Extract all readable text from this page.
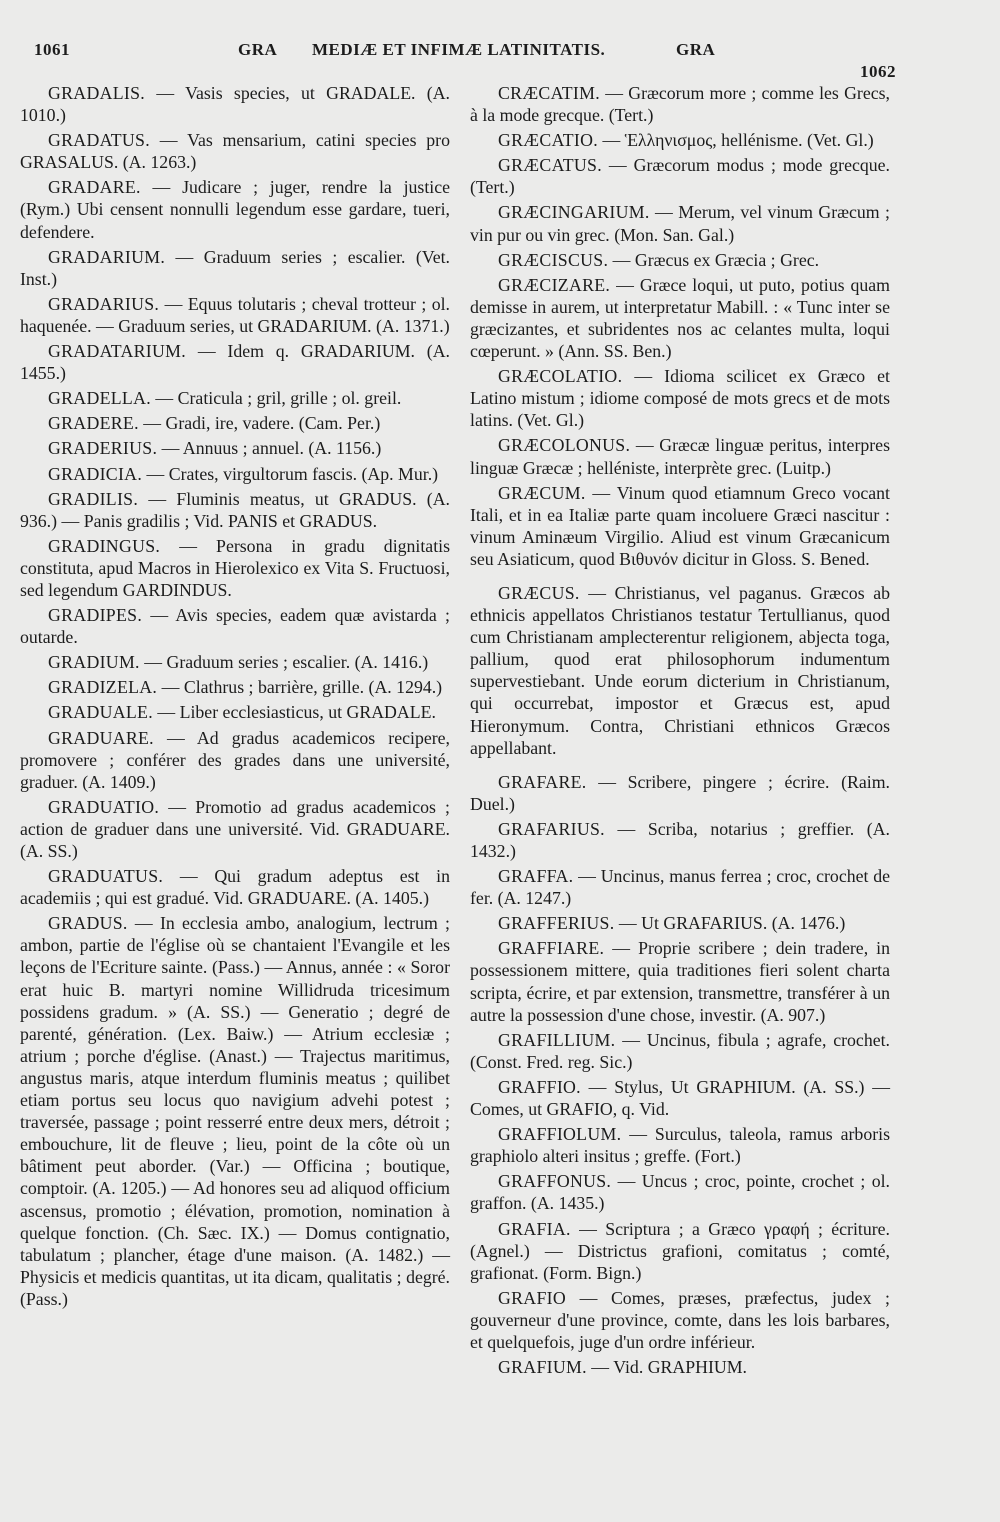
1061	GRA MEDIÆ ET INFIMÆ LATINITATIS.	GRA
1062

GRADALIS. — Vasis species, ut GRADALE. (A. 1010.)

GRADATUS. — Vas mensarium, catini species pro GRASALUS. (A. 1263.)

GRADARE. — Judicare ; juger, rendre la justice (Rym.) Ubi censent nonnulli legendum esse gardare, tueri, defendere.

GRADARIUM. — Graduum series ; escalier. (Vet. Inst.)

GRADARIUS. — Equus tolutaris ; cheval trotteur ; ol. haquenée. — Graduum series, ut GRADARIUM. (A. 1371.)

GRADATARIUM. — Idem q. GRADARIUM. (A. 1455.)

GRADELLA. — Craticula ; gril, grille ; ol. greil.

GRADERE. — Gradi, ire, vadere. (Cam. Per.)

GRADERIUS. — Annuus ; annuel. (A. 1156.)

GRADICIA. — Crates, virgultorum fascis. (Ap. Mur.)

GRADILIS. — Fluminis meatus, ut GRADUS. (A. 936.) — Panis gradilis ; Vid. PANIS et GRADUS.

GRADINGUS. — Persona in gradu dignitatis constituta, apud Macros in Hierolexico ex Vita S. Fructuosi, sed legendum GARDINDUS.

GRADIPES. — Avis species, eadem quæ avistarda ; outarde.

GRADIUM. — Graduum series ; escalier. (A. 1416.)

GRADIZELA. — Clathrus ; barrière, grille. (A. 1294.)

GRADUALE. — Liber ecclesiasticus, ut GRADALE.

GRADUARE. — Ad gradus academicos recipere, promovere ; conférer des grades dans une université, graduer. (A. 1409.)

GRADUATIO. — Promotio ad gradus academicos ; action de graduer dans une université. Vid. GRADUARE. (A. SS.)

GRADUATUS. — Qui gradum adeptus est in academiis ; qui est gradué. Vid. GRADUARE. (A. 1405.)

GRADUS. — In ecclesia ambo, analogium, lectrum ; ambon, partie de l'église où se chantaient l'Evangile et les leçons de l'Ecriture sainte. (Pass.) — Annus, année : « Soror erat huic B. martyri nomine Willidruda tricesimum possidens gradum. » (A. SS.) — Generatio ; degré de parenté, génération. (Lex. Baiw.) — Atrium ecclesiæ ; atrium ; porche d'église. (Anast.) — Trajectus maritimus, angustus maris, atque interdum fluminis meatus ; quilibet etiam portus seu locus quo navigium advehi potest ; traversée, passage ; point resserré entre deux mers, détroit ; embouchure, lit de fleuve ; lieu, point de la côte où un bâtiment peut aborder. (Var.) — Officina ; boutique, comptoir. (A. 1205.) — Ad honores seu ad aliquod officium ascensus, promotio ; élévation, promotion, nomination à quelque fonction. (Ch. Sæc. IX.) — Domus contignatio, tabulatum ; plancher, étage d'une maison. (A. 1482.) — Physicis et medicis quantitas, ut ita dicam, qualitatis ; degré. (Pass.)

CRÆCATIM. — Græcorum more ; comme les Grecs, à la mode grecque. (Tert.)

GRÆCATIO. — Ἑλληνισμος, hellénisme. (Vet. Gl.)

GRÆCATUS. — Græcorum modus ; mode grecque. (Tert.)

GRÆCINGARIUM. — Merum, vel vinum Græcum ; vin pur ou vin grec. (Mon. San. Gal.)

GRÆCISCUS. — Græcus ex Græcia ; Grec.

GRÆCIZARE. — Græce loqui, ut puto, potius quam demisse in aurem, ut interpretatur Mabill. : « Tunc inter se græcizantes, et subridentes nos ac celantes multa, loqui cœperunt. » (Ann. SS. Ben.)

GRÆCOLATIO. — Idioma scilicet ex Græco et Latino mistum ; idiome composé de mots grecs et de mots latins. (Vet. Gl.)

GRÆCOLONUS. — Græcæ linguæ peritus, interpres linguæ Græcæ ; helléniste, interprète grec. (Luitp.)

GRÆCUM. — Vinum quod etiamnum Greco vocant Itali, et in ea Italiæ parte quam incoluere Græci nascitur : vinum Aminæum Virgilio. Aliud est vinum Græcanicum seu Asiaticum, quod Βιθυνόν dicitur in Gloss. S. Bened.

GRÆCUS. — Christianus, vel paganus. Græcos ab ethnicis appellatos Christianos testatur Tertullianus, quod cum Christianam amplecterentur religionem, abjecta toga, pallium, quod erat philosophorum indumentum supervestiebant. Unde eorum dicterium in Christianum, qui occurrebat, impostor et Græcus est, apud Hieronymum. Contra, Christiani ethnicos Græcos appellabant.

GRAFARE. — Scribere, pingere ; écrire. (Raim. Duel.)

GRAFARIUS. — Scriba, notarius ; greffier. (A. 1432.)

GRAFFA. — Uncinus, manus ferrea ; croc, crochet de fer. (A. 1247.)

GRAFFERIUS. — Ut GRAFARIUS. (A. 1476.)

GRAFFIARE. — Proprie scribere ; dein tradere, in possessionem mittere, quia traditiones fieri solent charta scripta, écrire, et par extension, transmettre, transférer à un autre la possession d'une chose, investir. (A. 907.)

GRAFILLIUM. — Uncinus, fibula ; agrafe, crochet. (Const. Fred. reg. Sic.)

GRAFFIO. — Stylus, Ut GRAPHIUM. (A. SS.) — Comes, ut GRAFIO, q. Vid.

GRAFFIOLUM. — Surculus, taleola, ramus arboris graphiolo alteri insitus ; greffe. (Fort.)

GRAFFONUS. — Uncus ; croc, pointe, crochet ; ol. graffon. (A. 1435.)

GRAFIA. — Scriptura ; a Græco γραφή ; écriture. (Agnel.) — Districtus grafioni, comitatus ; comté, grafionat. (Form. Bign.)

GRAFIO — Comes, præses, præfectus, judex ; gouverneur d'une province, comte, dans les lois barbares, et quelquefois, juge d'un ordre inférieur.

GRAFIUM. — Vid. GRAPHIUM.
